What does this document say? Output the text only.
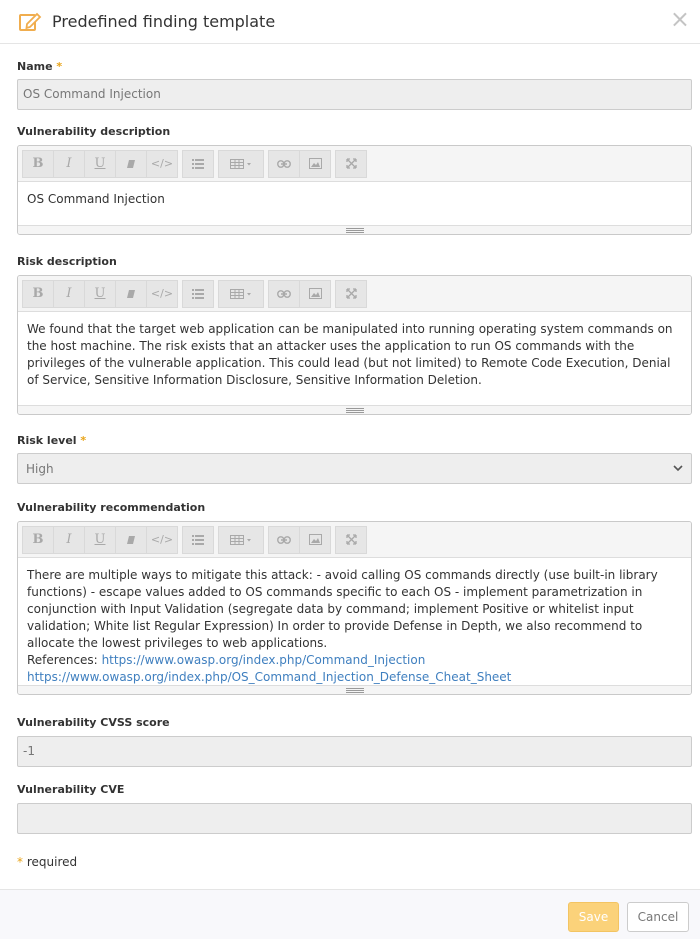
Predefined finding template	×
Name *
OS Command Injection
Vulnerability description
B I U	</>
OS Command Injection
Risk description
B I U	</>
We found that the target web application can be manipulated into running operating system commands on the host machine. The risk exists that an attacker uses the application to run OS commands with the privileges of the vulnerable application. This could lead (but not limited) to Remote Code Execution, Denial of Service, Sensitive Information Disclosure, Sensitive Information Deletion.
Risk level *
High
Vulnerability recommendation
B I U	</>
There are multiple ways to mitigate this attack: - avoid calling OS commands directly (use built-in library functions) - escape values added to OS commands specific to each OS - implement parametrization in conjunction with Input Validation (segregate data by command; implement Positive or whitelist input validation; White list Regular Expression) In order to provide Defense in Depth, we also recommend to allocate the lowest privileges to web applications.
References: https://www.owasp.org/index.php/Command_Injection
https://www.owasp.org/index.php/OS_Command_Injection_Defense_Cheat_Sheet
Vulnerability CVSS score
-1
Vulnerability CVE
* required
Save	Cancel
